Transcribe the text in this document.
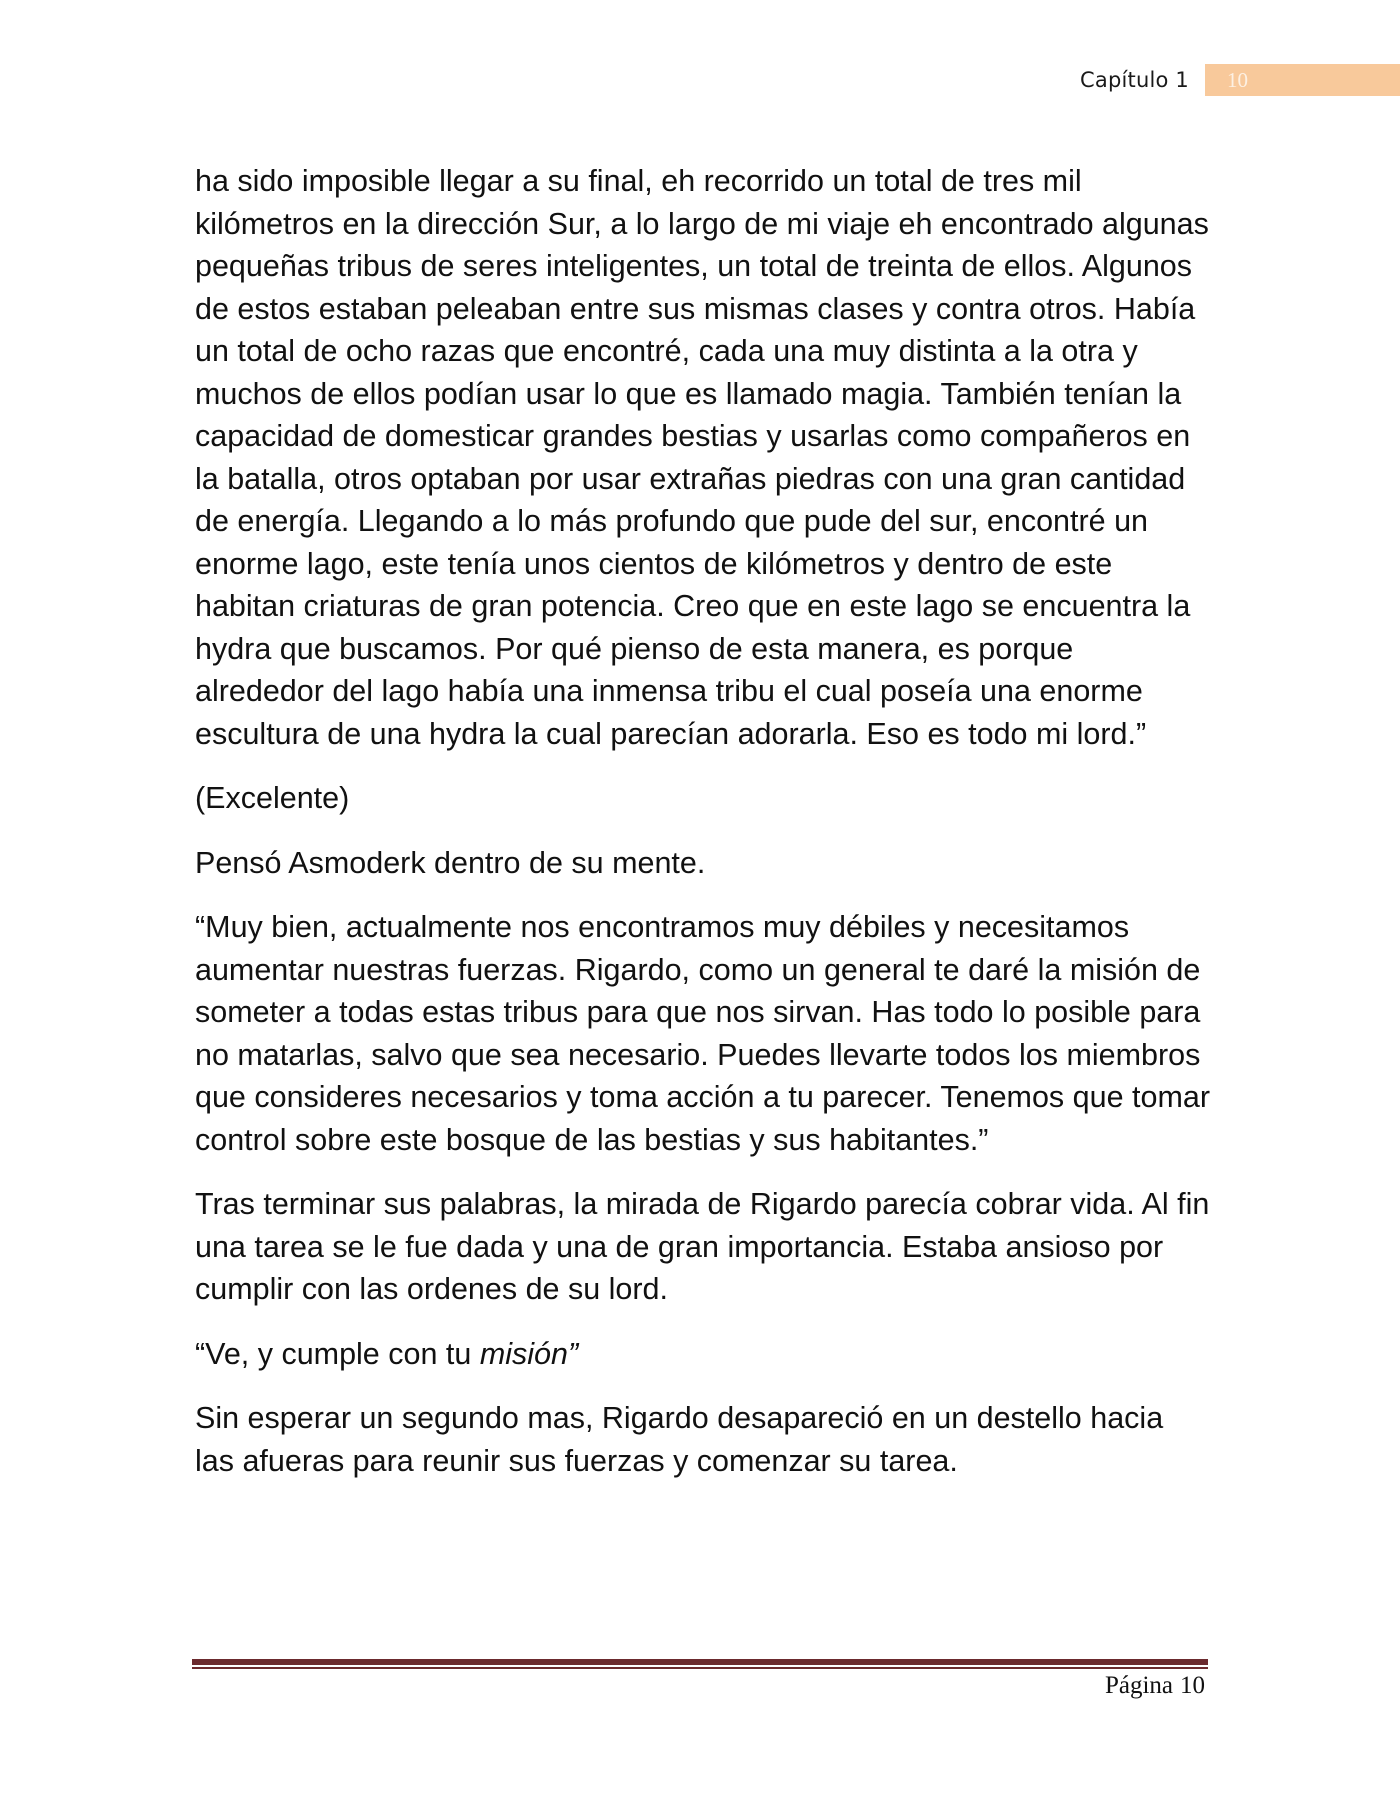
Capítulo 1	10

ha sido imposible llegar a su final, eh recorrido un total de tres mil kilómetros en la dirección Sur, a lo largo de mi viaje eh encontrado algunas pequeñas tribus de seres inteligentes, un total de treinta de ellos. Algunos de estos estaban peleaban entre sus mismas clases y contra otros. Había un total de ocho razas que encontré, cada una muy distinta a la otra y muchos de ellos podían usar lo que es llamado magia. También tenían la capacidad de domesticar grandes bestias y usarlas como compañeros en la batalla, otros optaban por usar extrañas piedras con una gran cantidad de energía. Llegando a lo más profundo que pude del sur, encontré un enorme lago, este tenía unos cientos de kilómetros y dentro de este habitan criaturas de gran potencia. Creo que en este lago se encuentra la hydra que buscamos. Por qué pienso de esta manera, es porque alrededor del lago había una inmensa tribu el cual poseía una enorme escultura de una hydra la cual parecían adorarla. Eso es todo mi lord.”

(Excelente)

Pensó Asmoderk dentro de su mente.

“Muy bien, actualmente nos encontramos muy débiles y necesitamos aumentar nuestras fuerzas. Rigardo, como un general te daré la misión de someter a todas estas tribus para que nos sirvan. Has todo lo posible para no matarlas, salvo que sea necesario. Puedes llevarte todos los miembros que consideres necesarios y toma acción a tu parecer. Tenemos que tomar control sobre este bosque de las bestias y sus habitantes.”

Tras terminar sus palabras, la mirada de Rigardo parecía cobrar vida. Al fin una tarea se le fue dada y una de gran importancia. Estaba ansioso por cumplir con las ordenes de su lord.

“Ve, y cumple con tu misión”

Sin esperar un segundo mas, Rigardo desapareció en un destello hacia las afueras para reunir sus fuerzas y comenzar su tarea.

Página 10
